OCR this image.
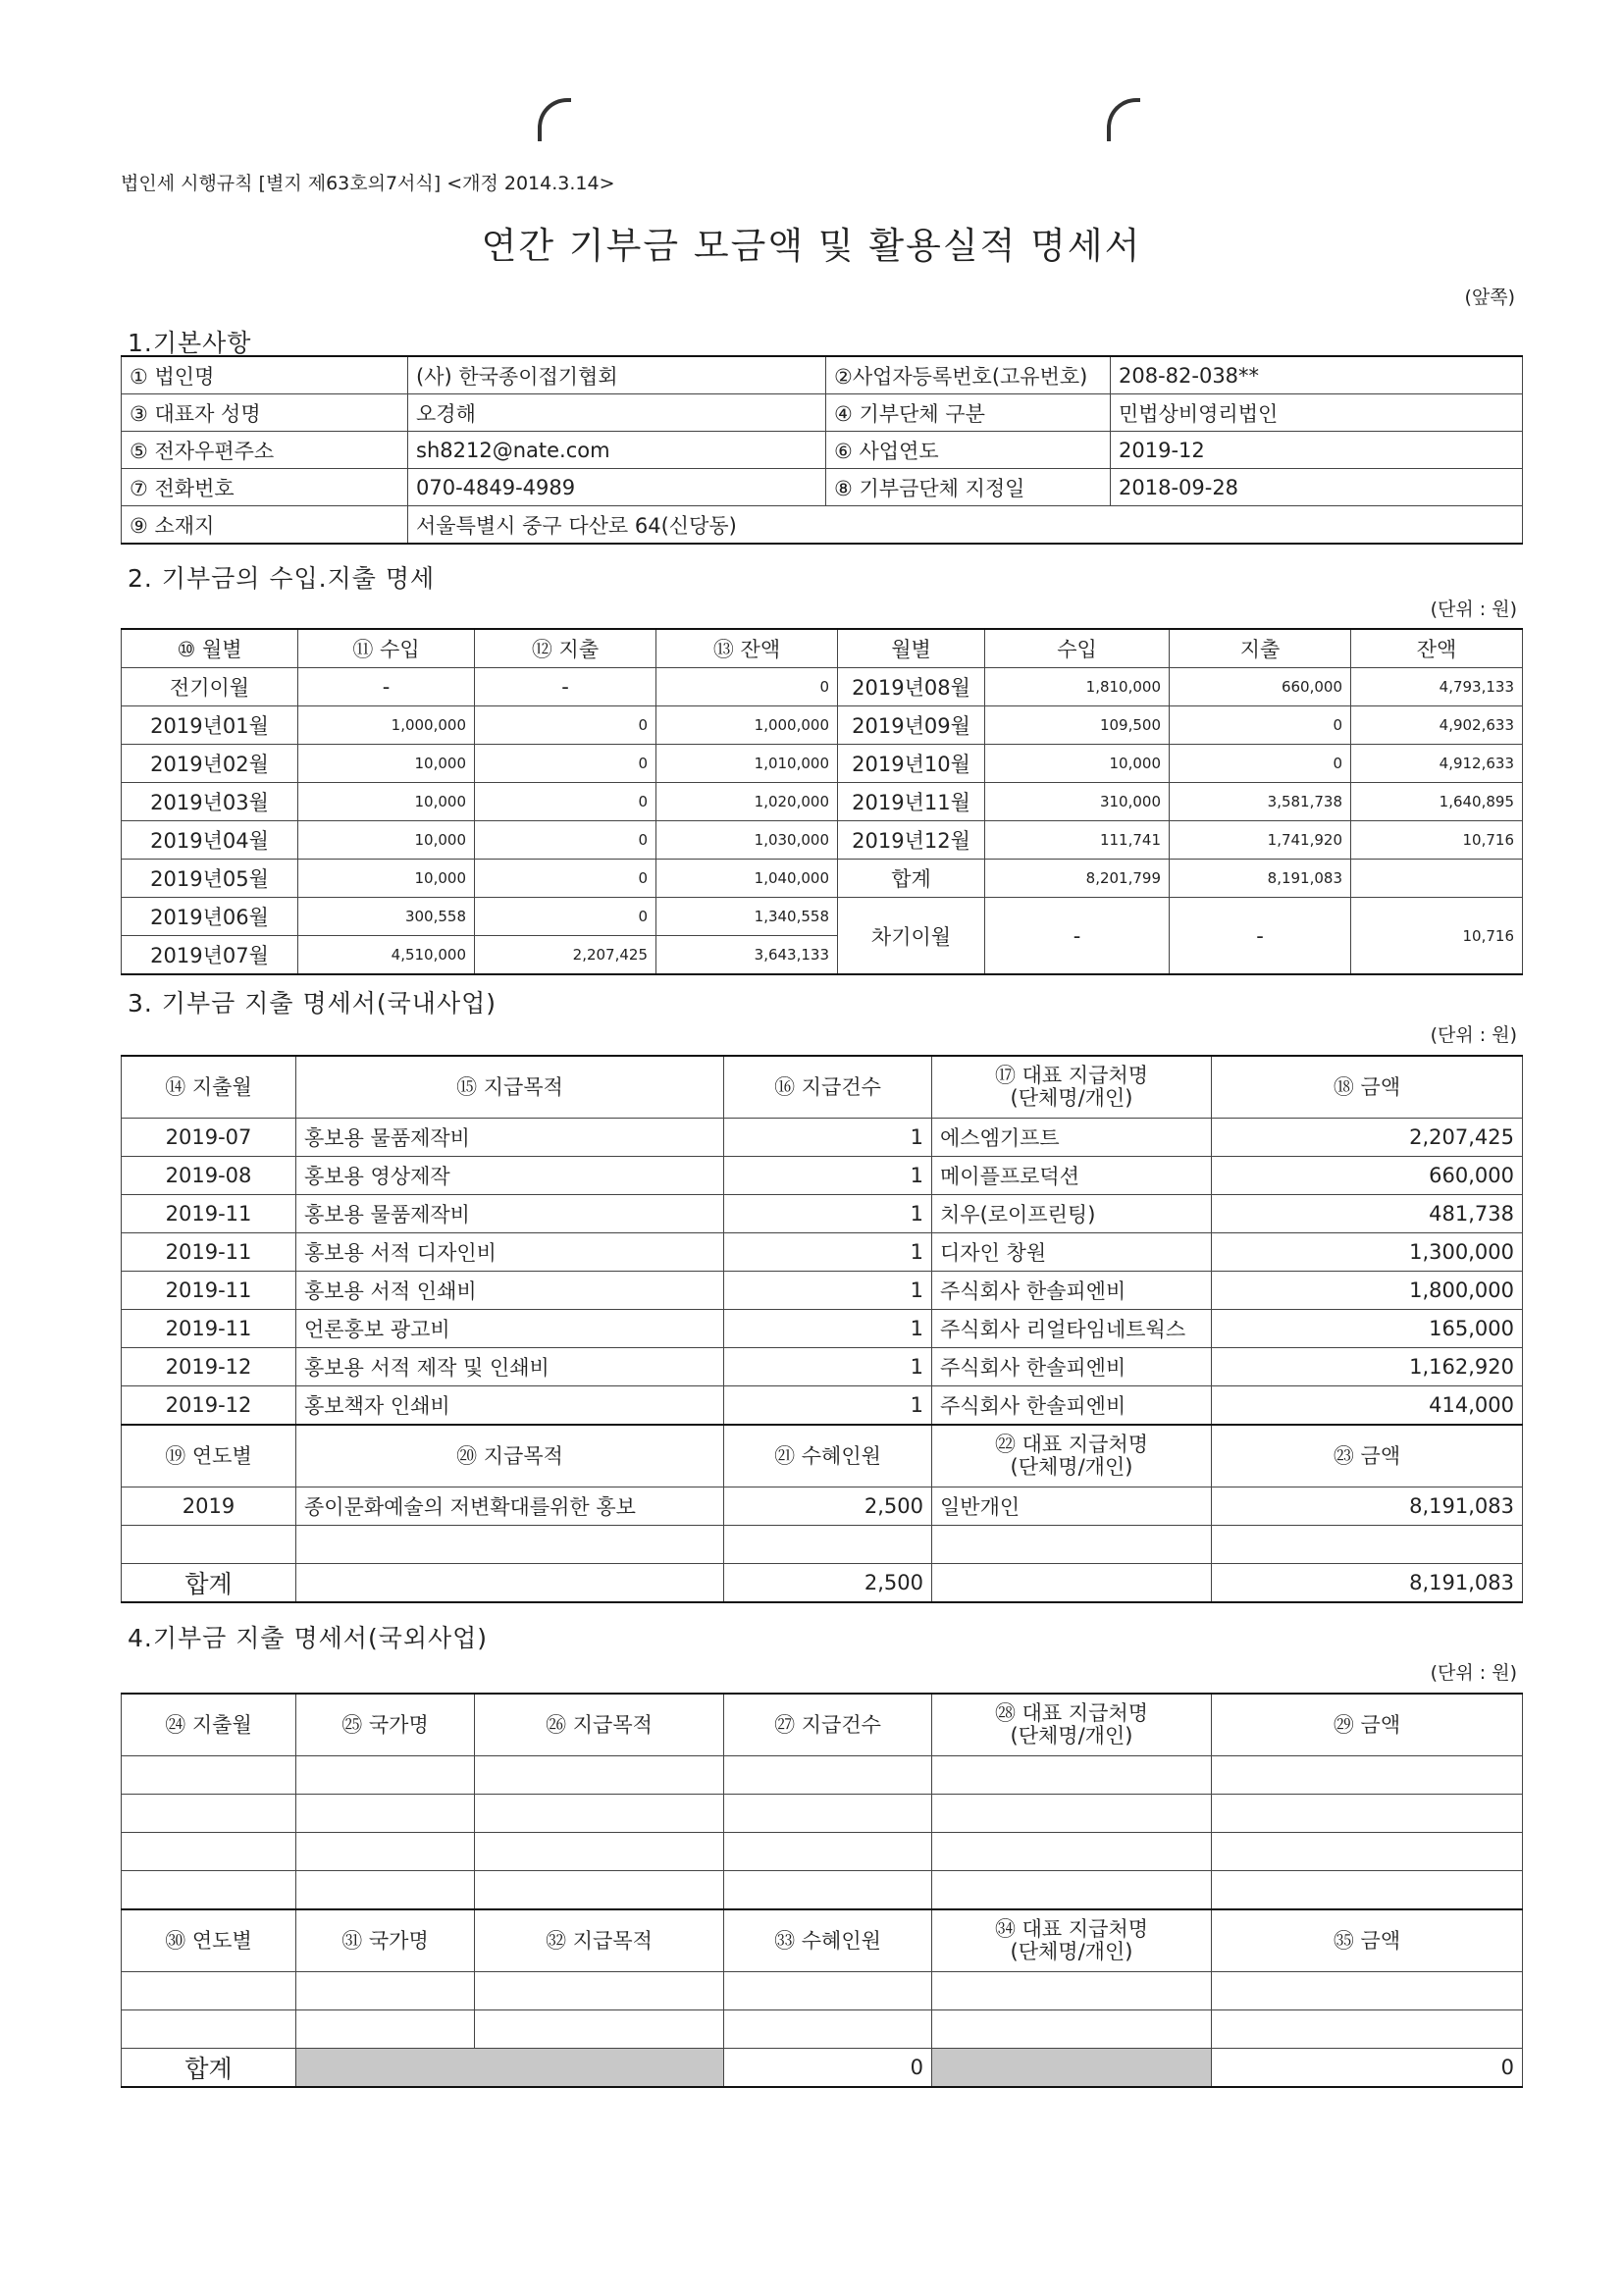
법인세 시행규칙 [별지 제63호의7서식] <개정 2014.3.14>
연간 기부금 모금액 및 활용실적 명세서
(앞쪽)
1.기본사항
① 법인명	(사) 한국종이접기협회	②사업자등록번호(고유번호)	208-82-038**
③ 대표자 성명	오경해	④ 기부단체 구분	민법상비영리법인
⑤ 전자우편주소	sh8212@nate.com	⑥ 사업연도	2019-12
⑦ 전화번호	070-4849-4989	⑧ 기부금단체 지정일	2018-09-28
⑨ 소재지	서울특별시 중구 다산로 64(신당동)		
2. 기부금의 수입.지출 명세
(단위 : 원)
⑩ 월별	⑪ 수입	⑫ 지출	⑬ 잔액	월별	수입	지출	잔액
전기이월	-	-	0	2019년08월	1,810,000	660,000	4,793,133
2019년01월	1,000,000	0	1,000,000	2019년09월	109,500	0	4,902,633
2019년02월	10,000	0	1,010,000	2019년10월	10,000	0	4,912,633
2019년03월	10,000	0	1,020,000	2019년11월	310,000	3,581,738	1,640,895
2019년04월	10,000	0	1,030,000	2019년12월	111,741	1,741,920	10,716
2019년05월	10,000	0	1,040,000	합계	8,201,799	8,191,083	
2019년06월	300,558	0	1,340,558	차기이월	-	-	10,716
2019년07월	4,510,000	2,207,425	3,643,133				
3. 기부금 지출 명세서(국내사업)
(단위 : 원)
⑭ 지출월	⑮ 지급목적	⑯ 지급건수	⑰ 대표 지급처명
(단체명/개인)	⑱ 금액
2019-07	홍보용 물품제작비	1	에스엠기프트	2,207,425
2019-08	홍보용 영상제작	1	메이플프로덕션	660,000
2019-11	홍보용 물품제작비	1	치우(로이프린팅)	481,738
2019-11	홍보용 서적 디자인비	1	디자인 창원	1,300,000
2019-11	홍보용 서적 인쇄비	1	주식회사 한솔피엔비	1,800,000
2019-11	언론홍보 광고비	1	주식회사 리얼타임네트웍스	165,000
2019-12	홍보용 서적 제작 및 인쇄비	1	주식회사 한솔피엔비	1,162,920
2019-12	홍보책자 인쇄비	1	주식회사 한솔피엔비	414,000
⑲ 연도별	⑳ 지급목적	㉑ 수혜인원	㉒ 대표 지급처명
(단체명/개인)	㉓ 금액
2019	종이문화예술의 저변확대를위한 홍보	2,500	일반개인	8,191,083

합계		2,500		8,191,083
4.기부금 지출 명세서(국외사업)
(단위 : 원)
㉔ 지출월	㉕ 국가명	㉖ 지급목적	㉗ 지급건수	㉘ 대표 지급처명
(단체명/개인)	㉙ 금액

㉚ 연도별	㉛ 국가명	㉜ 지급목적	㉝ 수혜인원	㉞ 대표 지급처명
(단체명/개인)	㉟ 금액

합계			0		0
